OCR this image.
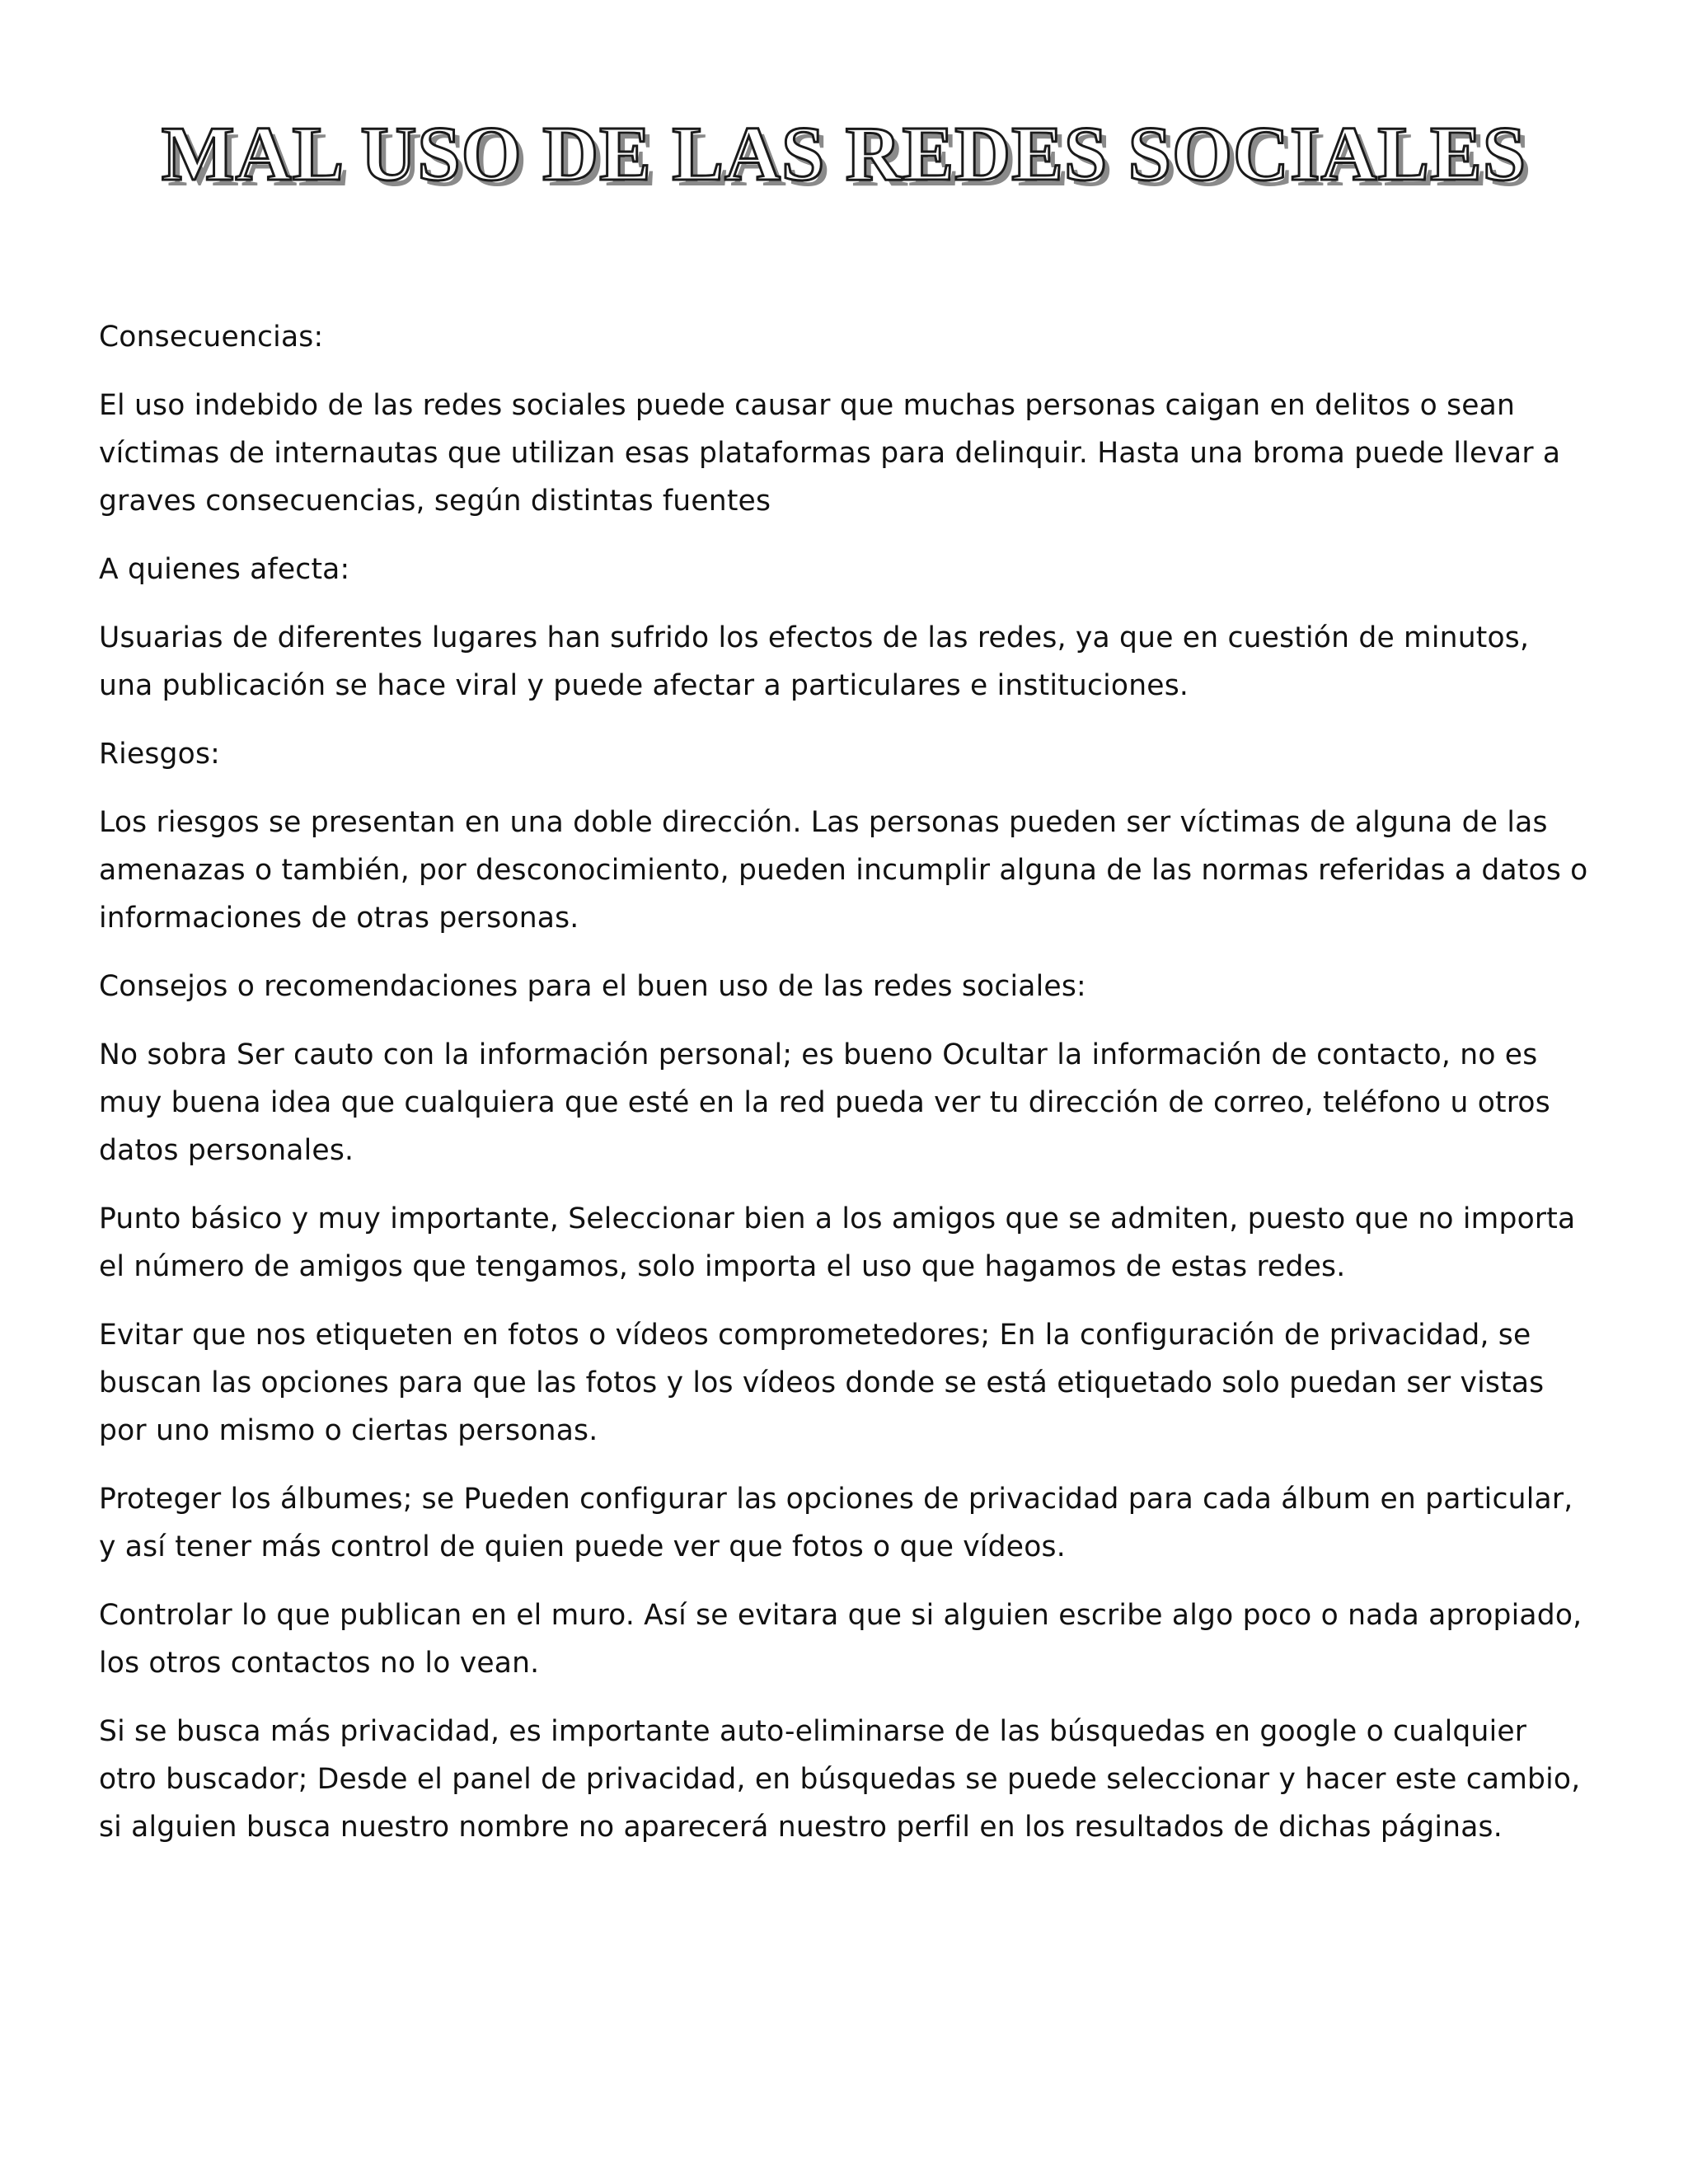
MAL USO DE LAS REDES SOCIALES

Consecuencias:

El uso indebido de las redes sociales puede causar que muchas personas caigan en delitos o sean víctimas de internautas que utilizan esas plataformas para delinquir. Hasta una broma puede llevar a graves consecuencias, según distintas fuentes

A quienes afecta:

Usuarias de diferentes lugares han sufrido los efectos de las redes, ya que en cuestión de minutos, una publicación se hace viral y puede afectar a particulares e instituciones.

Riesgos:

Los riesgos se presentan en una doble dirección. Las personas pueden ser víctimas de alguna de las amenazas o también, por desconocimiento, pueden incumplir alguna de las normas referidas a datos o informaciones de otras personas.

Consejos o recomendaciones para el buen uso de las redes sociales:

No sobra Ser cauto con la información personal; es bueno Ocultar la información de contacto, no es muy buena idea que cualquiera que esté en la red pueda ver tu dirección de correo, teléfono u otros datos personales.

Punto básico y muy importante, Seleccionar bien a los amigos que se admiten, puesto que no importa el número de amigos que tengamos, solo importa el uso que hagamos de estas redes.

Evitar que nos etiqueten en fotos o vídeos comprometedores; En la configuración de privacidad, se buscan las opciones para que las fotos y los vídeos donde se está etiquetado solo puedan ser vistas por uno mismo o ciertas personas.

Proteger los álbumes; se Pueden configurar las opciones de privacidad para cada álbum en particular, y así tener más control de quien puede ver que fotos o que vídeos.

Controlar lo que publican en el muro. Así se evitara que si alguien escribe algo poco o nada apropiado, los otros contactos no lo vean.

Si se busca más privacidad, es importante auto-eliminarse de las búsquedas en google o cualquier otro buscador; Desde el panel de privacidad, en búsquedas se puede seleccionar y hacer este cambio, si alguien busca nuestro nombre no aparecerá nuestro perfil en los resultados de dichas páginas.
